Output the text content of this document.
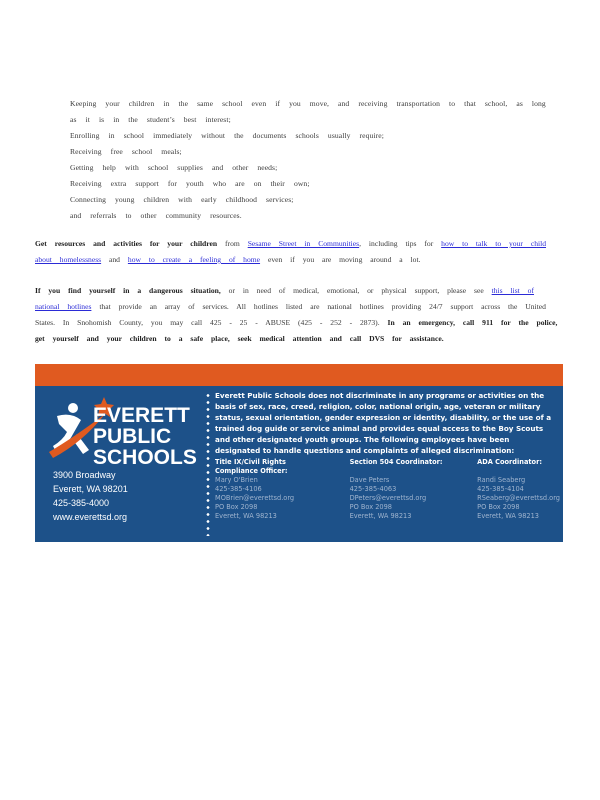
Keeping your children in the same school even if you move, and receiving transportation to that school, as long as it is in the student’s best interest;
Enrolling in school immediately without the documents schools usually require;
Receiving free school meals;
Getting help with school supplies and other needs;
Receiving extra support for youth who are on their own;
Connecting young children with early childhood services;
and referrals to other community resources.
Get resources and activities for your children from Sesame Street in Communities, including tips for how to talk to your child about homelessness and how to create a feeling of home even if you are moving around a lot.
If you find yourself in a dangerous situation, or in need of medical, emotional, or physical support, please see this list of national hotlines that provide an array of services. All hotlines listed are national hotlines providing 24/7 support across the United States. In Snohomish County, you may call 425 - 25 - ABUSE (425 - 252 - 2873). In an emergency, call 911 for the police, get yourself and your children to a safe place, seek medical attention and call DVS for assistance.
EVERETT
PUBLIC
SCHOOLS
3900 Broadway
Everett, WA 98201
425-385-4000
www.everettsd.org
Everett Public Schools does not discriminate in any programs or activities on the basis of sex, race, creed, religion, color, national origin, age, veteran or military status, sexual orientation, gender expression or identity, disability, or the use of a trained dog guide or service animal and provides equal access to the Boy Scouts and other designated youth groups. The following employees have been designated to handle questions and complaints of alleged discrimination:
Title IX/Civil Rights Compliance Officer:
Mary O'Brien
425-385-4106
MOBrien@everettsd.org
PO Box 2098
Everett, WA 98213
Section 504 Coordinator:
Dave Peters
425-385-4063
DPeters@everettsd.org
PO Box 2098
Everett, WA 98213
ADA Coordinator:
Randi Seaberg
425-385-4104
RSeaberg@everettsd.org
PO Box 2098
Everett, WA 98213
